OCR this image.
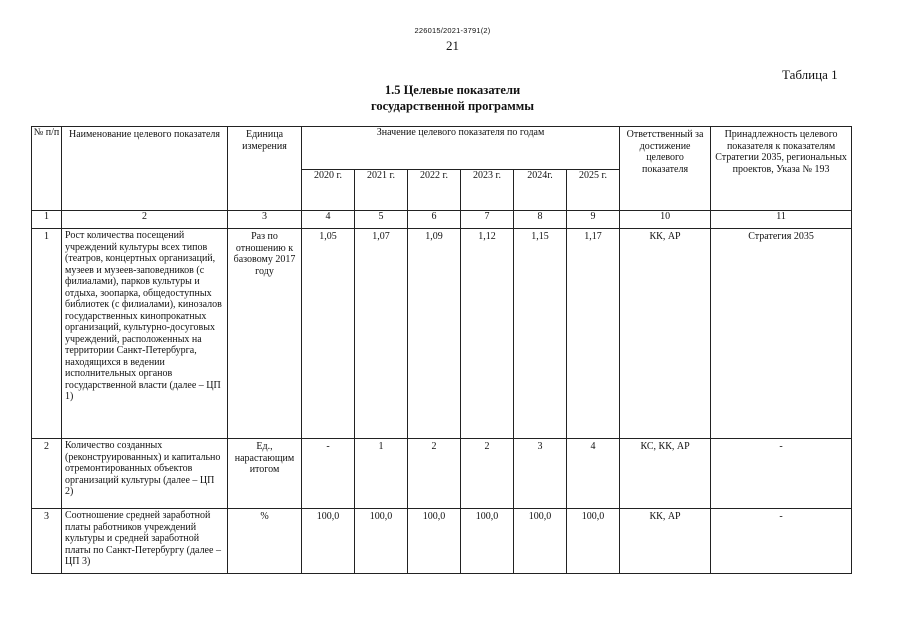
226015/2021-3791(2)
21
Таблица 1
1.5 Целевые показатели
государственной программы
№ п/п	Наименование целевого показателя	Единица измерения	Значение целевого показателя по годам						Ответственный за достижение целевого показателя	Принадлежность целевого показателя к показателям Стратегии 2035, региональных проектов, Указа № 193
			2020 г.	2021 г.	2022 г.	2023 г.	2024г.	2025 г.		
1	2	3	4	5	6	7	8	9	10	11
1	Рост количества посещений учреждений культуры всех типов (театров, концертных организаций, музеев и музеев-заповедников (с филиалами), парков культуры и отдыха, зоопарка, общедоступных библиотек (с филиалами), кинозалов государственных кинопрокатных организаций, культурно-досуговых учреждений, расположенных на территории Санкт-Петербурга, находящихся в ведении исполнительных органов государственной власти (далее – ЦП 1)	Раз по отношению к базовому 2017 году	1,05	1,07	1,09	1,12	1,15	1,17	КК, АР	Стратегия 2035
2	Количество созданных (реконструированных) и капитально отремонтированных объектов организаций культуры (далее – ЦП 2)	Ед., нарастающим итогом	-	1	2	2	3	4	КС, КК, АР	-
3	Соотношение средней заработной платы работников учреждений культуры и средней заработной платы по Санкт-Петербургу (далее – ЦП 3)	%	100,0	100,0	100,0	100,0	100,0	100,0	КК, АР	-
